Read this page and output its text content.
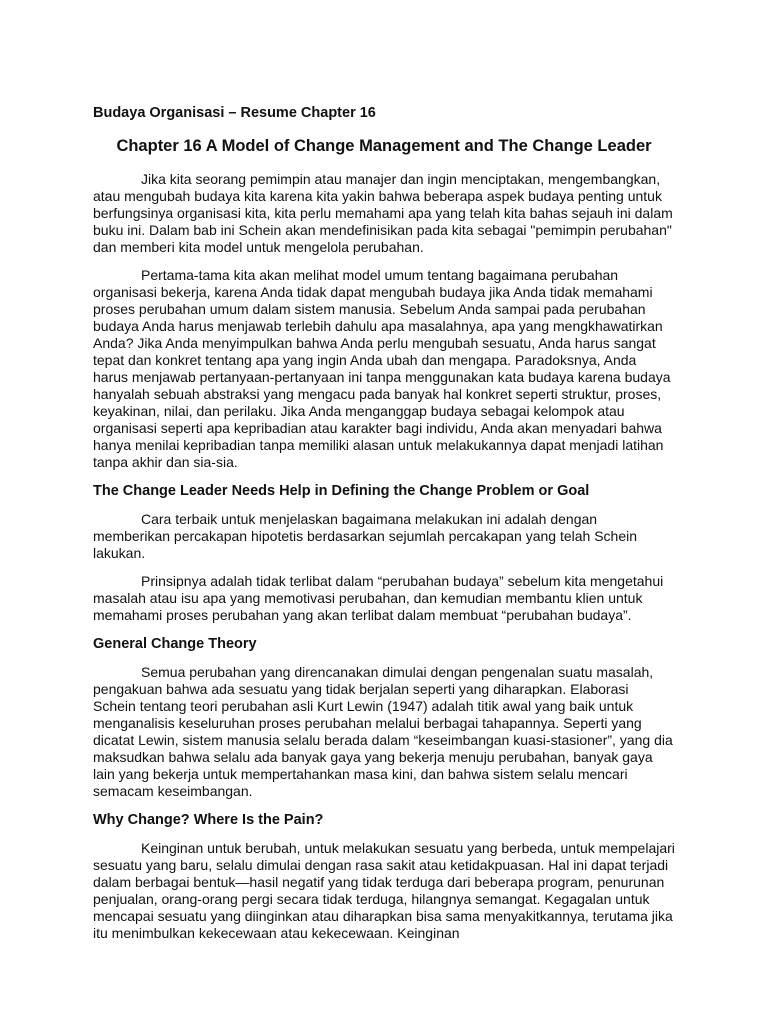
Budaya Organisasi – Resume Chapter 16
Chapter 16 A Model of Change Management and The Change Leader

Jika kita seorang pemimpin atau manajer dan ingin menciptakan, mengembangkan, atau mengubah budaya kita karena kita yakin bahwa beberapa aspek budaya penting untuk berfungsinya organisasi kita, kita perlu memahami apa yang telah kita bahas sejauh ini dalam buku ini. Dalam bab ini Schein akan mendefinisikan pada kita sebagai "pemimpin perubahan" dan memberi kita model untuk mengelola perubahan.

Pertama-tama kita akan melihat model umum tentang bagaimana perubahan organisasi bekerja, karena Anda tidak dapat mengubah budaya jika Anda tidak memahami proses perubahan umum dalam sistem manusia. Sebelum Anda sampai pada perubahan budaya Anda harus menjawab terlebih dahulu apa masalahnya, apa yang mengkhawatirkan Anda? Jika Anda menyimpulkan bahwa Anda perlu mengubah sesuatu, Anda harus sangat tepat dan konkret tentang apa yang ingin Anda ubah dan mengapa. Paradoksnya, Anda harus menjawab pertanyaan-pertanyaan ini tanpa menggunakan kata budaya karena budaya hanyalah sebuah abstraksi yang mengacu pada banyak hal konkret seperti struktur, proses, keyakinan, nilai, dan perilaku. Jika Anda menganggap budaya sebagai kelompok atau organisasi seperti apa kepribadian atau karakter bagi individu, Anda akan menyadari bahwa hanya menilai kepribadian tanpa memiliki alasan untuk melakukannya dapat menjadi latihan tanpa akhir dan sia-sia.

The Change Leader Needs Help in Defining the Change Problem or Goal

Cara terbaik untuk menjelaskan bagaimana melakukan ini adalah dengan memberikan percakapan hipotetis berdasarkan sejumlah percakapan yang telah Schein lakukan.

Prinsipnya adalah tidak terlibat dalam “perubahan budaya” sebelum kita mengetahui masalah atau isu apa yang memotivasi perubahan, dan kemudian membantu klien untuk memahami proses perubahan yang akan terlibat dalam membuat “perubahan budaya”.

General Change Theory

Semua perubahan yang direncanakan dimulai dengan pengenalan suatu masalah, pengakuan bahwa ada sesuatu yang tidak berjalan seperti yang diharapkan. Elaborasi Schein tentang teori perubahan asli Kurt Lewin (1947) adalah titik awal yang baik untuk menganalisis keseluruhan proses perubahan melalui berbagai tahapannya. Seperti yang dicatat Lewin, sistem manusia selalu berada dalam “keseimbangan kuasi-stasioner”, yang dia maksudkan bahwa selalu ada banyak gaya yang bekerja menuju perubahan, banyak gaya lain yang bekerja untuk mempertahankan masa kini, dan bahwa sistem selalu mencari semacam keseimbangan.

Why Change? Where Is the Pain?

Keinginan untuk berubah, untuk melakukan sesuatu yang berbeda, untuk mempelajari sesuatu yang baru, selalu dimulai dengan rasa sakit atau ketidakpuasan. Hal ini dapat terjadi dalam berbagai bentuk—hasil negatif yang tidak terduga dari beberapa program, penurunan penjualan, orang-orang pergi secara tidak terduga, hilangnya semangat. Kegagalan untuk mencapai sesuatu yang diinginkan atau diharapkan bisa sama menyakitkannya, terutama jika itu menimbulkan kekecewaan atau kekecewaan. Keinginan
